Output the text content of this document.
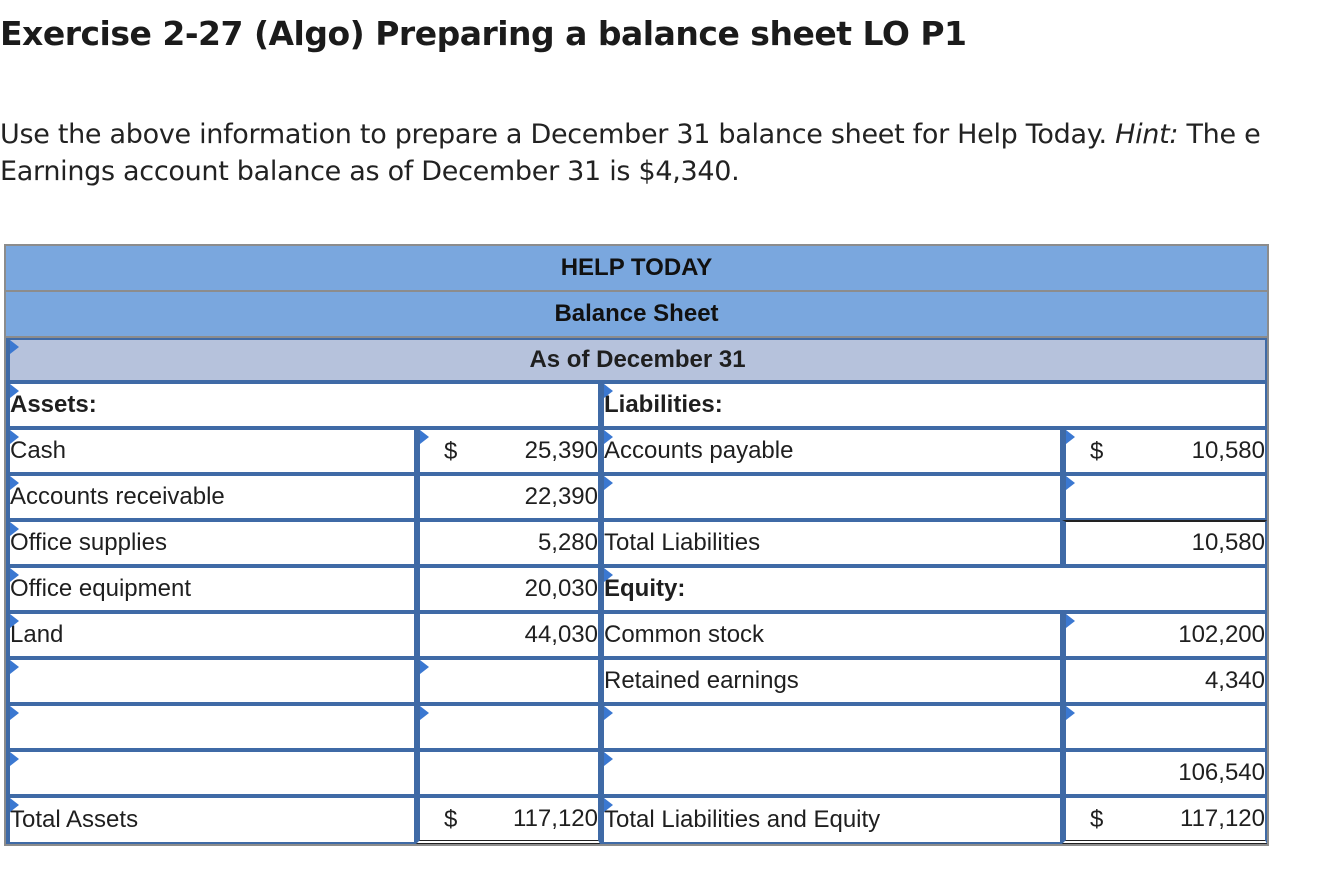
Exercise 2-27 (Algo) Preparing a balance sheet LO P1
Use the above information to prepare a December 31 balance sheet for Help Today. Hint: The e
Earnings account balance as of December 31 is $4,340.
HELP TODAY			
Balance Sheet			
As of December 31			
Assets:		Liabilities:	
Cash	$ 25,390	Accounts payable	$ 10,580
Accounts receivable	22,390		
Office supplies	5,280	Total Liabilities	10,580
Office equipment	20,030	Equity:	
Land	44,030	Common stock	102,200
		Retained earnings	4,340

			106,540
Total Assets	$ 117,120	Total Liabilities and Equity	$ 117,120
